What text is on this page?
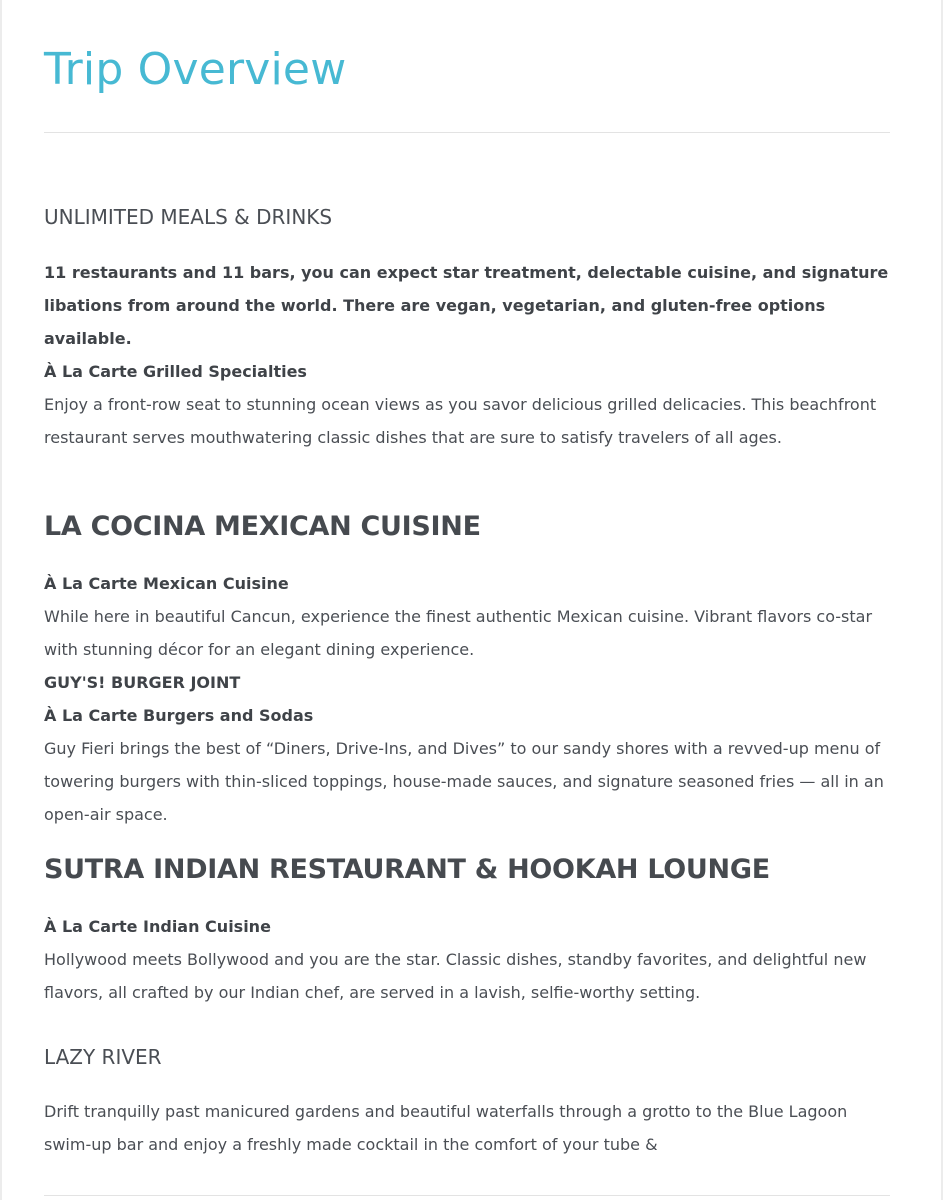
Trip Overview
UNLIMITED MEALS & DRINKS

11 restaurants and 11 bars, you can expect star treatment, delectable cuisine, and signature libations from around the world. There are vegan, vegetarian, and gluten-free options available.

À La Carte Grilled Specialties

Enjoy a front-row seat to stunning ocean views as you savor delicious grilled delicacies. This beachfront restaurant serves mouthwatering classic dishes that are sure to satisfy travelers of all ages.

LA COCINA MEXICAN CUISINE
À La Carte Mexican Cuisine

While here in beautiful Cancun, experience the finest authentic Mexican cuisine. Vibrant flavors co-star with stunning décor for an elegant dining experience.

GUY'S! BURGER JOINT
À La Carte Burgers and Sodas

Guy Fieri brings the best of “Diners, Drive-Ins, and Dives” to our sandy shores with a revved-up menu of towering burgers with thin-sliced toppings, house-made sauces, and signature seasoned fries — all in an open-air space.

SUTRA INDIAN RESTAURANT & HOOKAH LOUNGE
À La Carte Indian Cuisine

Hollywood meets Bollywood and you are the star. Classic dishes, standby favorites, and delightful new flavors, all crafted by our Indian chef, are served in a lavish, selfie-worthy setting.

LAZY RIVER

Drift tranquilly past manicured gardens and beautiful waterfalls through a grotto to the Blue Lagoon swim-up bar and enjoy a freshly made cocktail in the comfort of your tube &
